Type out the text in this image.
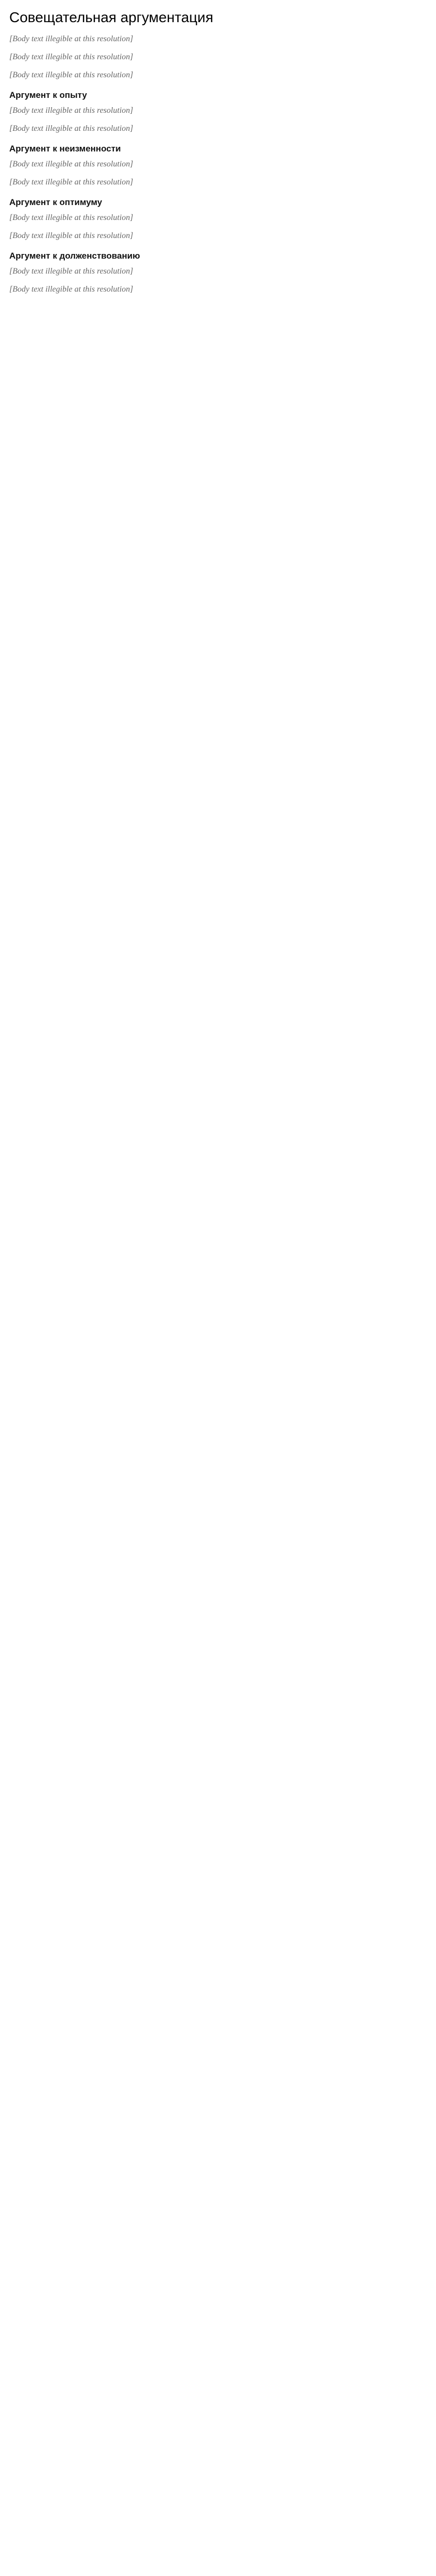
Совещательная аргументация

[Body text illegible at this resolution]

[Body text illegible at this resolution]

[Body text illegible at this resolution]

Аргумент к опыту

[Body text illegible at this resolution]

[Body text illegible at this resolution]

Аргумент к неизменности

[Body text illegible at this resolution]

[Body text illegible at this resolution]

Аргумент к оптимуму

[Body text illegible at this resolution]

[Body text illegible at this resolution]

Аргумент к долженствованию

[Body text illegible at this resolution]

[Body text illegible at this resolution]
